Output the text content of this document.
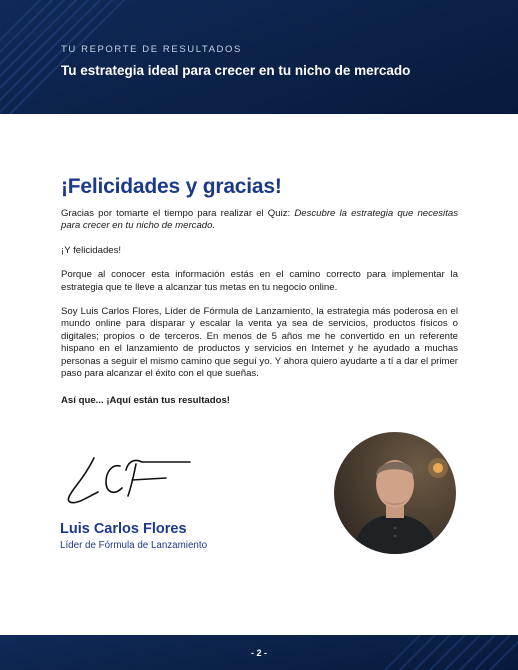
TU REPORTE DE RESULTADOS
Tu estrategia ideal para crecer en tu nicho de mercado
¡Felicidades y gracias!

Gracias por tomarte el tiempo para realizar el Quiz: Descubre la estrategia que necesitas para crecer en tu nicho de mercado.

¡Y felicidades!

Porque al conocer esta información estás en el camino correcto para implementar la estrategia que te lleve a alcanzar tus metas en tu negocio online.

Soy Luis Carlos Flores, Líder de Fórmula de Lanzamiento, la estrategia más poderosa en el mundo online para disparar y escalar la venta ya sea de servicios, productos físicos o digitales; propios o de terceros. En menos de 5 años me he convertido en un referente hispano en el lanzamiento de productos y servicios en Internet y he ayudado a muchas personas a seguir el mismo camino que seguí yo. Y ahora quiero ayudarte a tí a dar el primer paso para alcanzar el éxito con el que sueñas.

Así que... ¡Aquí están tus resultados!

Luis Carlos Flores
Líder de Fórmula de Lanzamiento
- 2 -
